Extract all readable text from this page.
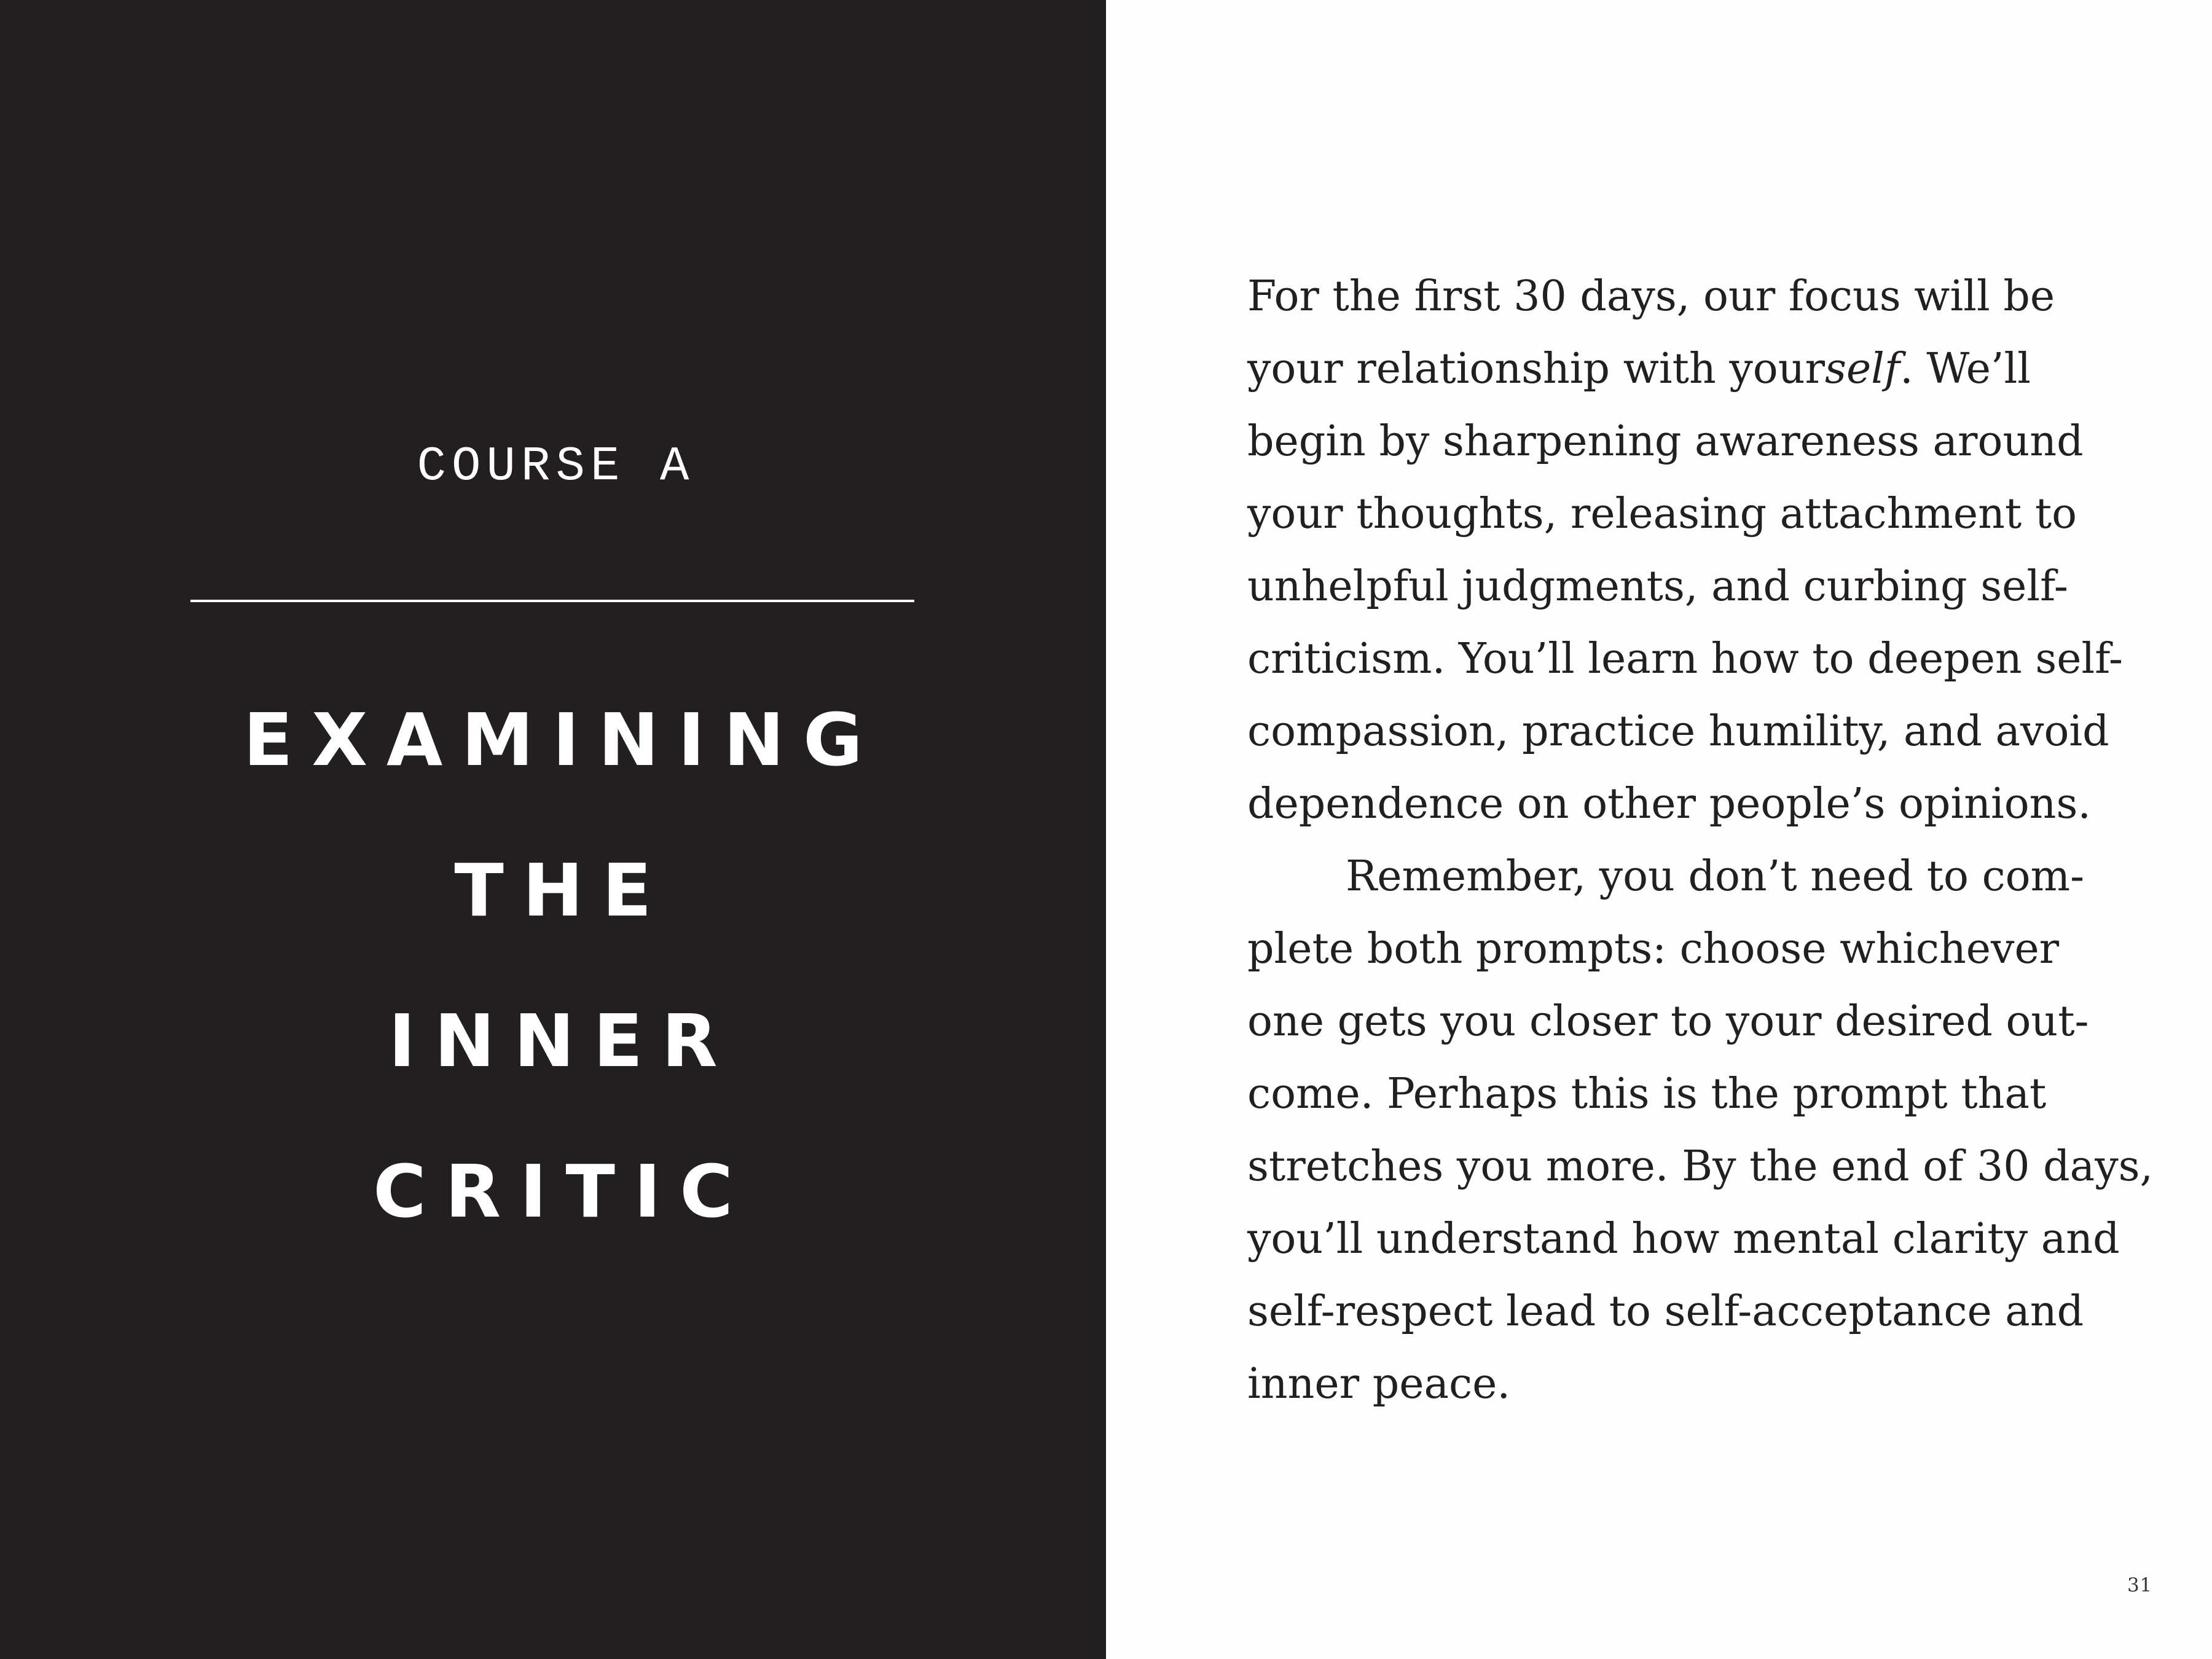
COURSE A
EXAMINING
THE
INNER
CRITIC
For the first 30 days, our focus will be
your relationship with yourself. We’ll
begin by sharpening awareness around
your thoughts, releasing attachment to
unhelpful judgments, and curbing self-
criticism. You’ll learn how to deepen self-
compassion, practice humility, and avoid
dependence on other people’s opinions.
Remember, you don’t need to com-
plete both prompts: choose whichever
one gets you closer to your desired out-
come. Perhaps this is the prompt that
stretches you more. By the end of 30 days,
you’ll understand how mental clarity and
self-respect lead to self-acceptance and
inner peace.
31
